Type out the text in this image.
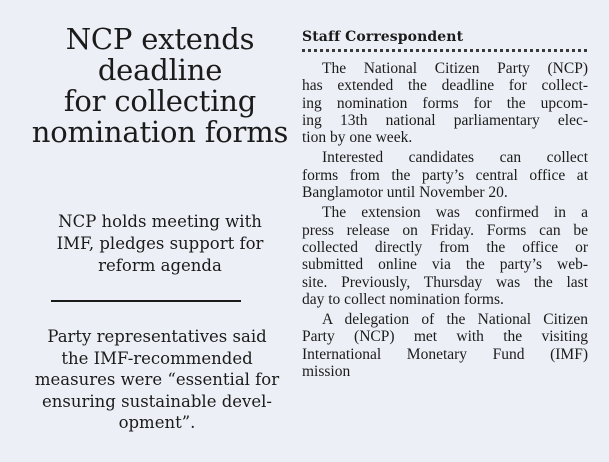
NCP extends
deadline
for collecting
nomination forms
NCP holds meeting with
IMF, pledges support for
reform agenda
Party representatives said
the IMF-recommended
measures were “essential for
ensuring sustainable devel-
opment”.
Staff Correspondent

The National Citizen Party (NCP)
has extended the deadline for collect-
ing nomination forms for the upcom-
ing 13th national parliamentary elec-
tion by one week.

Interested candidates can collect
forms from the party’s central office at
Banglamotor until November 20.

The extension was confirmed in a
press release on Friday. Forms can be
collected directly from the office or
submitted online via the party’s web-
site. Previously, Thursday was the last
day to collect nomination forms.

A delegation of the National Citizen
Party (NCP) met with the visiting
International Monetary Fund (IMF)
mission
